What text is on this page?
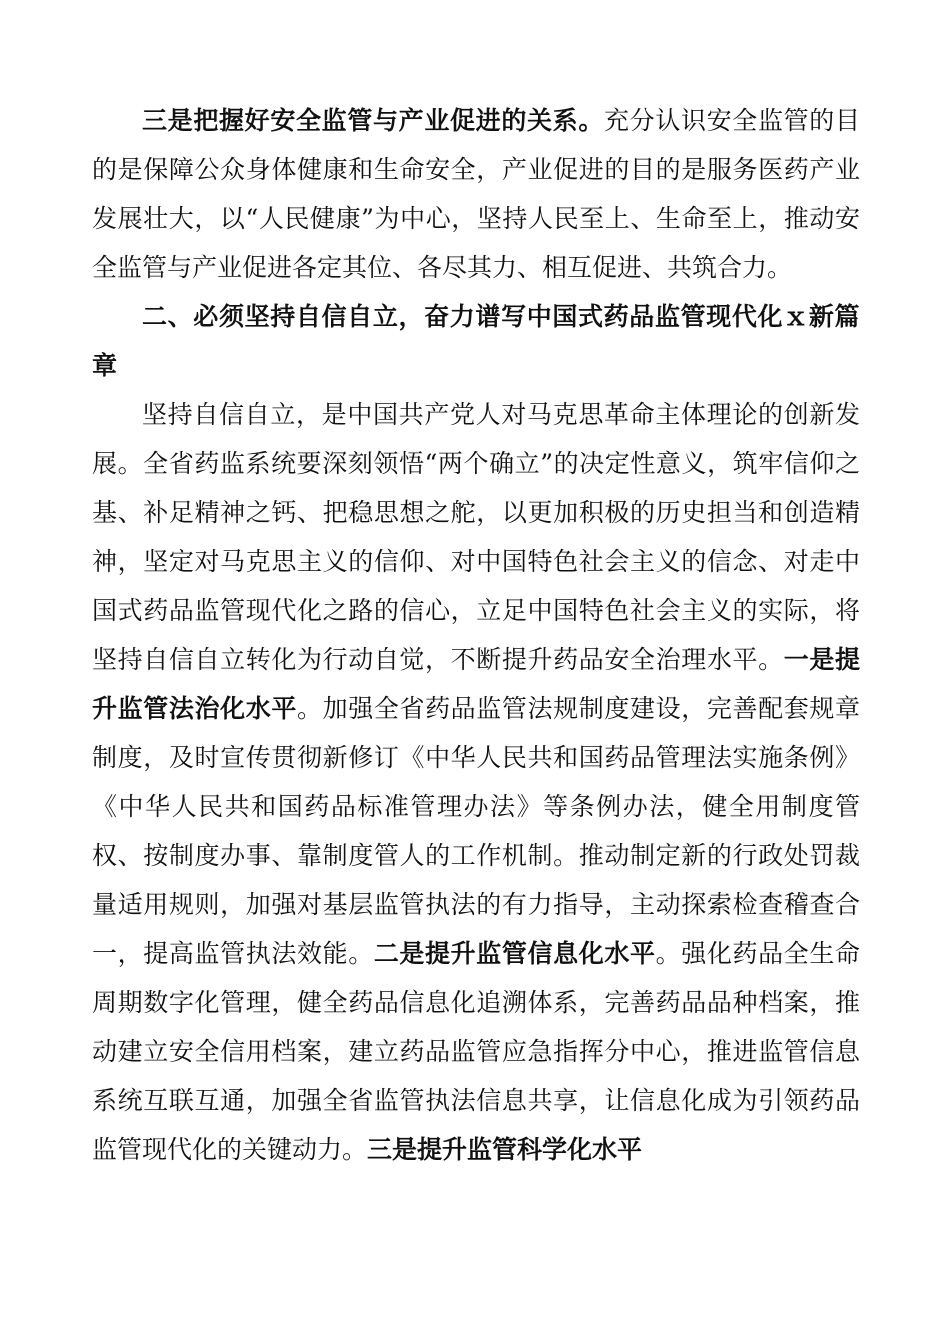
三是把握好安全监管与产业促进的关系。充分认识安全监管的目的是保障公众身体健康和生命安全，产业促进的目的是服务医药产业发展壮大，以“人民健康”为中心，坚持人民至上、生命至上，推动安全监管与产业促进各定其位、各尽其力、相互促进、共筑合力。

二、必须坚持自信自立，奋力谱写中国式药品监管现代化ｘ新篇章

坚持自信自立，是中国共产党人对马克思革命主体理论的创新发展。全省药监系统要深刻领悟“两个确立”的决定性意义，筑牢信仰之基、补足精神之钙、把稳思想之舵，以更加积极的历史担当和创造精神，坚定对马克思主义的信仰、对中国特色社会主义的信念、对走中国式药品监管现代化之路的信心，立足中国特色社会主义的实际，将坚持自信自立转化为行动自觉，不断提升药品安全治理水平。一是提升监管法治化水平。加强全省药品监管法规制度建设，完善配套规章制度，及时宣传贯彻新修订《中华人民共和国药品管理法实施条例》《中华人民共和国药品标准管理办法》等条例办法，健全用制度管权、按制度办事、靠制度管人的工作机制。推动制定新的行政处罚裁量适用规则，加强对基层监管执法的有力指导，主动探索检查稽查合一，提高监管执法效能。二是提升监管信息化水平。强化药品全生命周期数字化管理，健全药品信息化追溯体系，完善药品品种档案，推动建立安全信用档案，建立药品监管应急指挥分中心，推进监管信息系统互联互通，加强全省监管执法信息共享，让信息化成为引领药品监管现代化的关键动力。三是提升监管科学化水平
